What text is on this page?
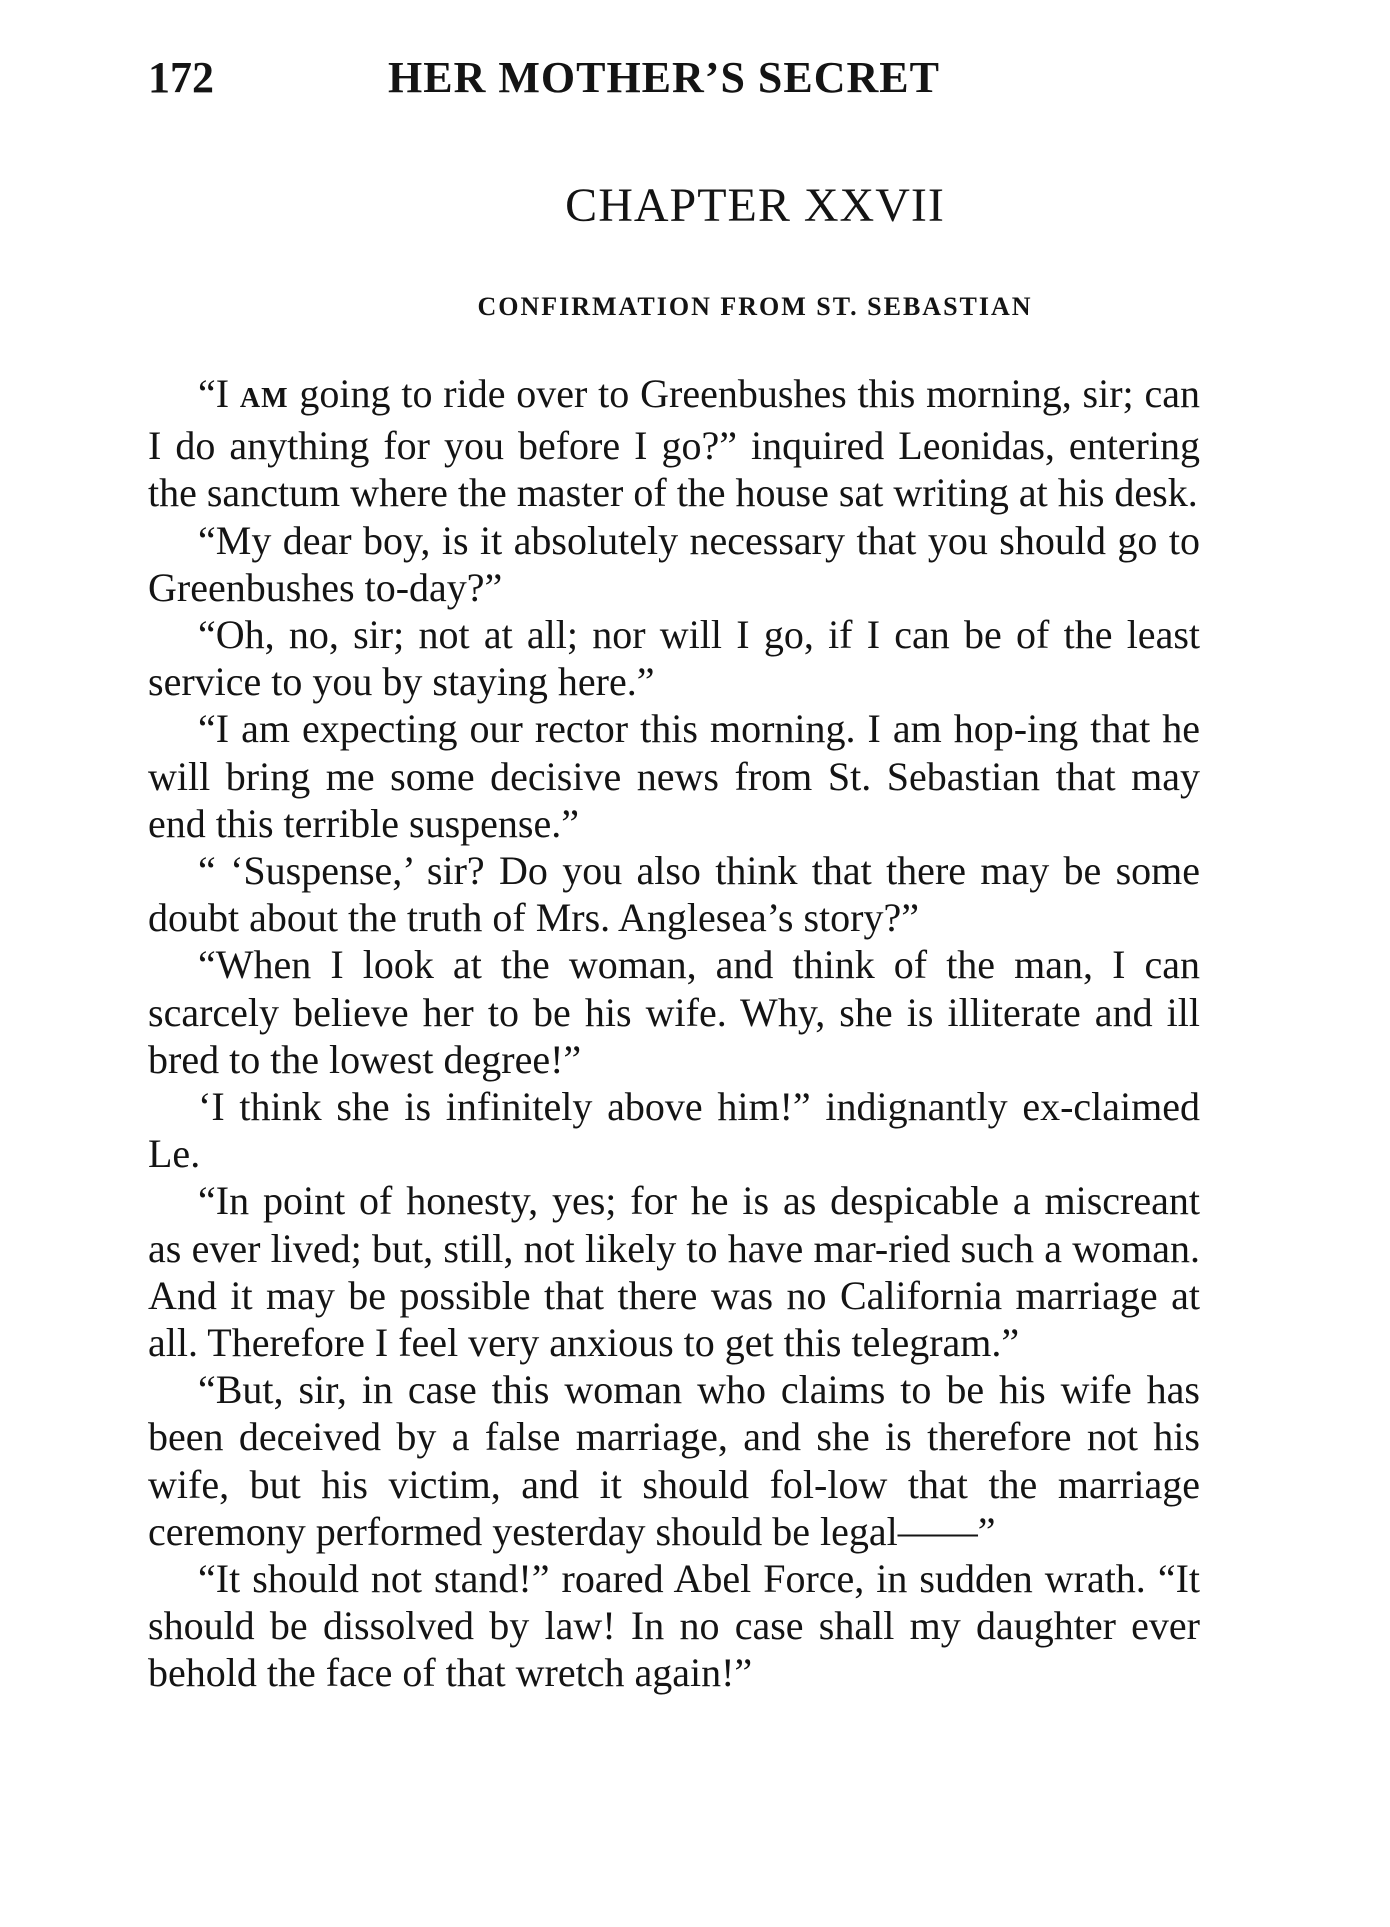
172	HER MOTHER’S SECRET
CHAPTER XXVII
CONFIRMATION FROM ST. SEBASTIAN

“I AM going to ride over to Greenbushes this morning, sir; can I do anything for you before I go?” inquired Leonidas, entering the sanctum where the master of the house sat writing at his desk.

“My dear boy, is it absolutely necessary that you should go to Greenbushes to-day?”

“Oh, no, sir; not at all; nor will I go, if I can be of the least service to you by staying here.”

“I am expecting our rector this morning. I am hop-ing that he will bring me some decisive news from St. Sebastian that may end this terrible suspense.”

“ ‘Suspense,’ sir? Do you also think that there may be some doubt about the truth of Mrs. Anglesea’s story?”

“When I look at the woman, and think of the man, I can scarcely believe her to be his wife. Why, she is illiterate and ill bred to the lowest degree!”

‘I think she is infinitely above him!” indignantly ex-claimed Le.

“In point of honesty, yes; for he is as despicable a miscreant as ever lived; but, still, not likely to have mar-ried such a woman. And it may be possible that there was no California marriage at all. Therefore I feel very anxious to get this telegram.”

“But, sir, in case this woman who claims to be his wife has been deceived by a false marriage, and she is therefore not his wife, but his victim, and it should fol-low that the marriage ceremony performed yesterday should be legal——”

“It should not stand!” roared Abel Force, in sudden wrath. “It should be dissolved by law! In no case shall my daughter ever behold the face of that wretch again!”
